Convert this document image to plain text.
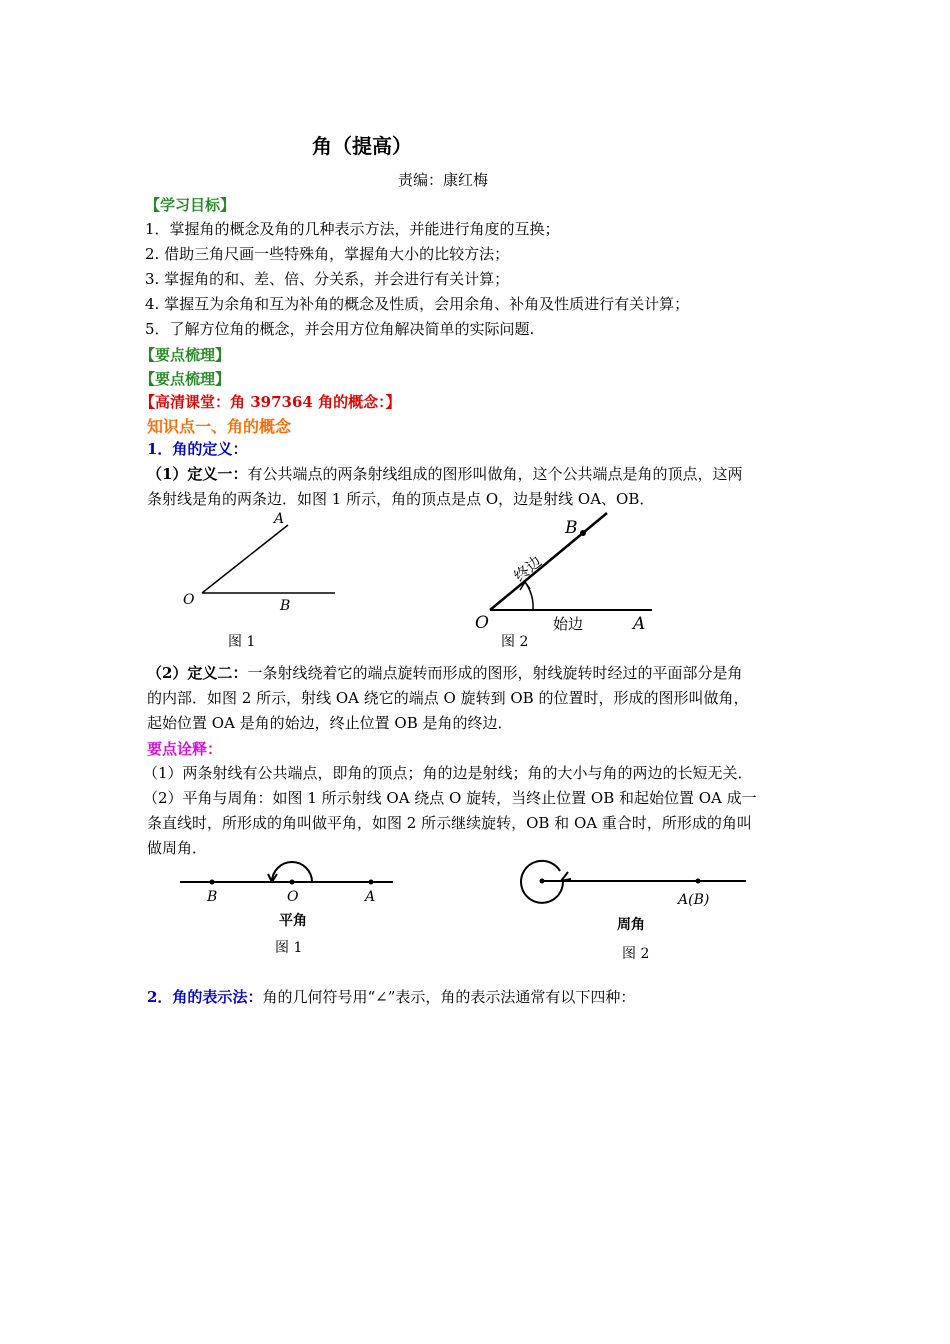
角（提高）
责编：康红梅
【学习目标】
1．掌握角的概念及角的几种表示方法，并能进行角度的互换；
2. 借助三角尺画一些特殊角，掌握角大小的比较方法；
3. 掌握角的和、差、倍、分关系，并会进行有关计算；
4. 掌握互为余角和互为补角的概念及性质，会用余角、补角及性质进行有关计算；
5．了解方位角的概念，并会用方位角解决简单的实际问题.
【要点梳理】
【要点梳理】
【高清课堂：角 397364 角的概念：】
知识点一、角的概念
1．角的定义：
（1）定义一：有公共端点的两条射线组成的图形叫做角，这个公共端点是角的顶点，这两
条射线是角的两条边．如图 1 所示，角的顶点是点 O，边是射线 OA、OB．
A
O	B
图 1
B
O	A
终边
始边
图 2
（2）定义二：一条射线绕着它的端点旋转而形成的图形，射线旋转时经过的平面部分是角
的内部．如图 2 所示，射线 OA 绕它的端点 O 旋转到 OB 的位置时，形成的图形叫做角，
起始位置 OA 是角的始边，终止位置 OB 是角的终边．
要点诠释：
（1）两条射线有公共端点，即角的顶点；角的边是射线；角的大小与角的两边的长短无关．
（2）平角与周角：如图 1 所示射线 OA 绕点 O 旋转，当终止位置 OB 和起始位置 OA 成一
条直线时，所形成的角叫做平角，如图 2 所示继续旋转，OB 和 OA 重合时，所形成的角叫
做周角．
B	O	A
平角
图 1
A(B)
周角
图 2
2．角的表示法：角的几何符号用“∠”表示，角的表示法通常有以下四种：
